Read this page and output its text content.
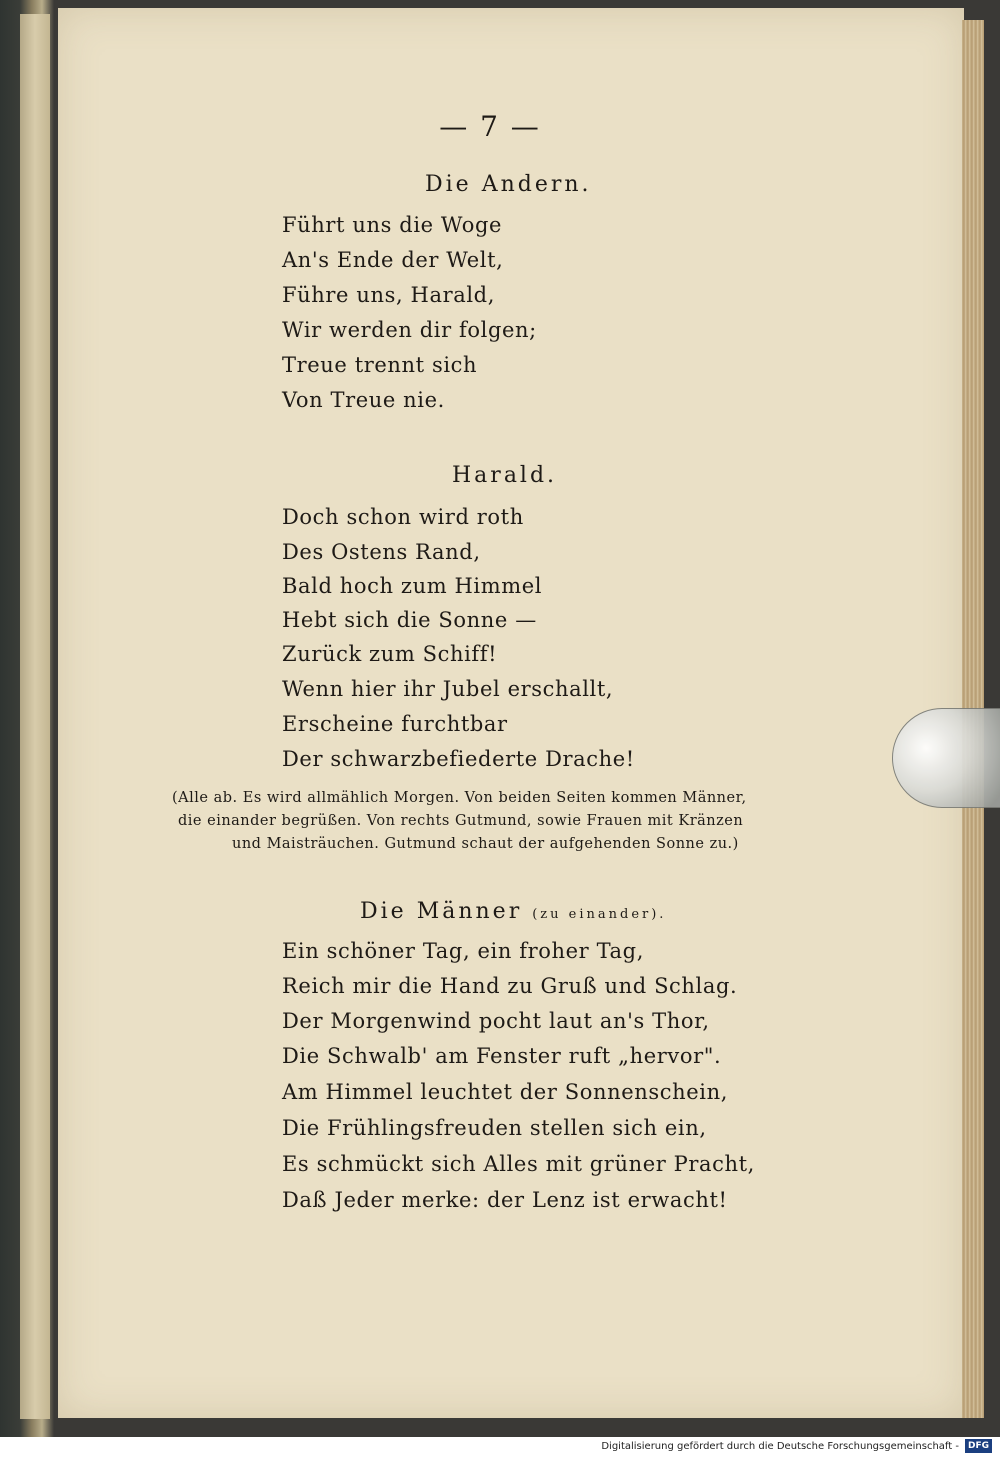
— 7 —
Die Andern.
Führt uns die Woge
An's Ende der Welt,
Führe uns, Harald,
Wir werden dir folgen;
Treue trennt sich
Von Treue nie.
Harald.
Doch schon wird roth
Des Ostens Rand,
Bald hoch zum Himmel
Hebt sich die Sonne —
Zurück zum Schiff!
Wenn hier ihr Jubel erschallt,
Erscheine furchtbar
Der schwarzbefiederte Drache!
(Alle ab. Es wird allmählich Morgen. Von beiden Seiten kommen Männer,
die einander begrüßen. Von rechts Gutmund, sowie Frauen mit Kränzen
und Maisträuchen. Gutmund schaut der aufgehenden Sonne zu.)
Die Männer (zu einander).
Ein schöner Tag, ein froher Tag,
Reich mir die Hand zu Gruß und Schlag.
Der Morgenwind pocht laut an's Thor,
Die Schwalb' am Fenster ruft „hervor".
Am Himmel leuchtet der Sonnenschein,
Die Frühlingsfreuden stellen sich ein,
Es schmückt sich Alles mit grüner Pracht,
Daß Jeder merke: der Lenz ist erwacht!
Digitalisierung gefördert durch die Deutsche Forschungsgemeinschaft - DFG
